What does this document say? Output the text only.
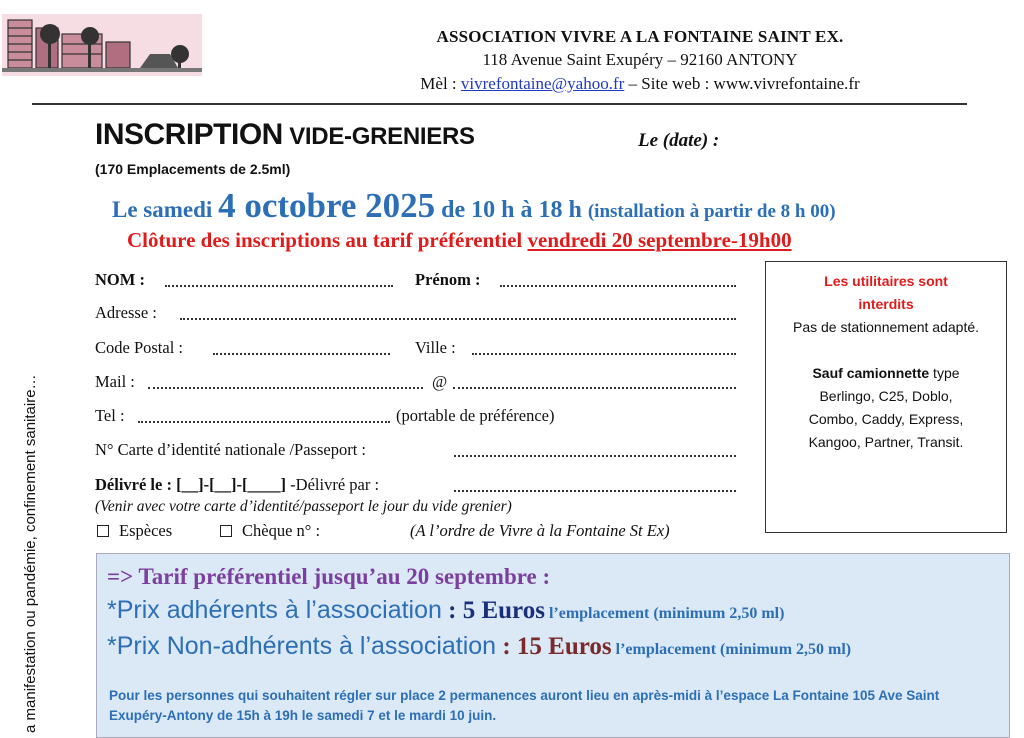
ASSOCIATION VIVRE A LA FONTAINE SAINT EX.
118 Avenue Saint Exupéry – 92160 ANTONY
Mèl : vivrefontaine@yahoo.fr – Site web : www.vivrefontaine.fr
INSCRIPTION VIDE-GRENIERS	Le (date) :
(170 Emplacements de 2.5ml)
Le samedi 4 octobre 2025 de 10 h à 18 h (installation à partir de 8 h 00)
Clôture des inscriptions au tarif préférentiel vendredi 20 septembre-19h00
a manifestation ou pandémie, confinement sanitaire…
NOM :	Prénom :
Adresse :
Code Postal :	Ville :
Mail :	@
Tel :	(portable de préférence)
N° Carte d’identité nationale /Passeport :
Délivré le : [__]-[__]-[____] -Délivré par :
(Venir avec votre carte d’identité/passeport le jour du vide grenier)
Espèces	Chèque n° :	(A l’ordre de Vivre à la Fontaine St Ex)

Les utilitaires sont

interdits

Pas de stationnement adapté.

Sauf camionnette type

Berlingo, C25, Doblo,

Combo, Caddy, Express,

Kangoo, Partner, Transit.

=> Tarif préférentiel jusqu’au 20 septembre :
*Prix adhérents à l’association : 5 Euros l’emplacement (minimum 2,50 ml)
*Prix Non-adhérents à l’association : 15 Euros l’emplacement (minimum 2,50 ml)
Pour les personnes qui souhaitent régler sur place 2 permanences auront lieu en après-midi à l’espace La Fontaine 105 Ave Saint Exupéry-Antony de 15h à 19h le samedi 7 et le mardi 10 juin.
